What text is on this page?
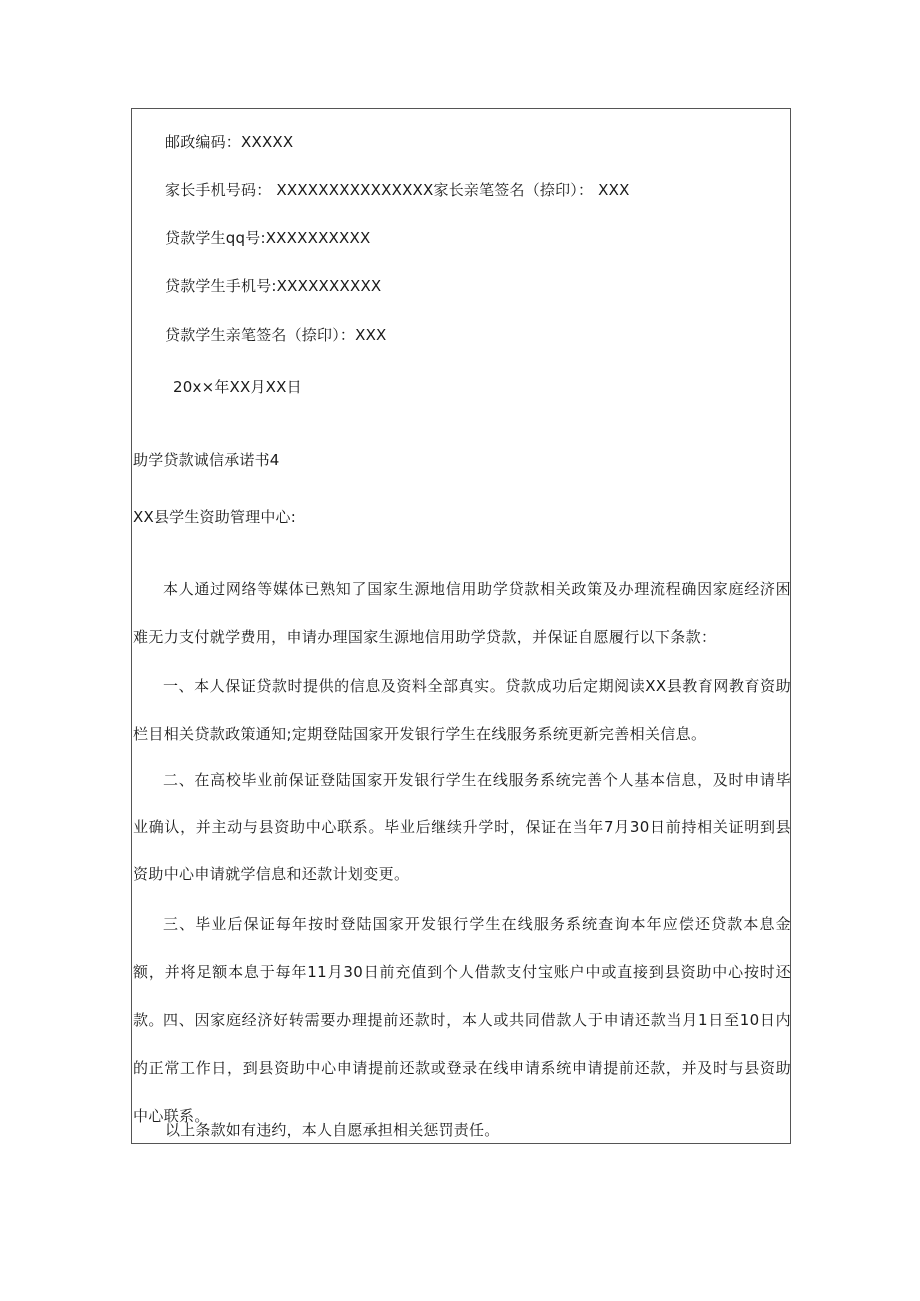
邮政编码：XXXXX
家长手机号码： XXXXXXXXXXXXXXX家长亲笔签名（捺印）： XXX
贷款学生qq号:XXXXXXXXXX
贷款学生手机号:XXXXXXXXXX
贷款学生亲笔签名（捺印）：XXX
20x×年XX月XX日
助学贷款诚信承诺书4
XX县学生资助管理中心:

本人通过网络等媒体已熟知了国家生源地信用助学贷款相关政策及办理流程确因家庭经济困难无力支付就学费用，申请办理国家生源地信用助学贷款，并保证自愿履行以下条款：

一、本人保证贷款时提供的信息及资料全部真实。贷款成功后定期阅读XX县教育网教育资助栏目相关贷款政策通知;定期登陆国家开发银行学生在线服务系统更新完善相关信息。

二、在高校毕业前保证登陆国家开发银行学生在线服务系统完善个人基本信息，及时申请毕业确认，并主动与县资助中心联系。毕业后继续升学时，保证在当年7月30日前持相关证明到县资助中心申请就学信息和还款计划变更。

三、毕业后保证每年按时登陆国家开发银行学生在线服务系统查询本年应偿还贷款本息金额，并将足额本息于每年11月30日前充值到个人借款支付宝账户中或直接到县资助中心按时还款。 四、因家庭经济好转需要办理提前还款时，本人或共同借款人于申请还款当月1日至10日内的正常工作日，到县资助中心申请提前还款或登录在线申请系统申请提前还款，并及时与县资助中心联系。

以上条款如有违约，本人自愿承担相关惩罚责任。
